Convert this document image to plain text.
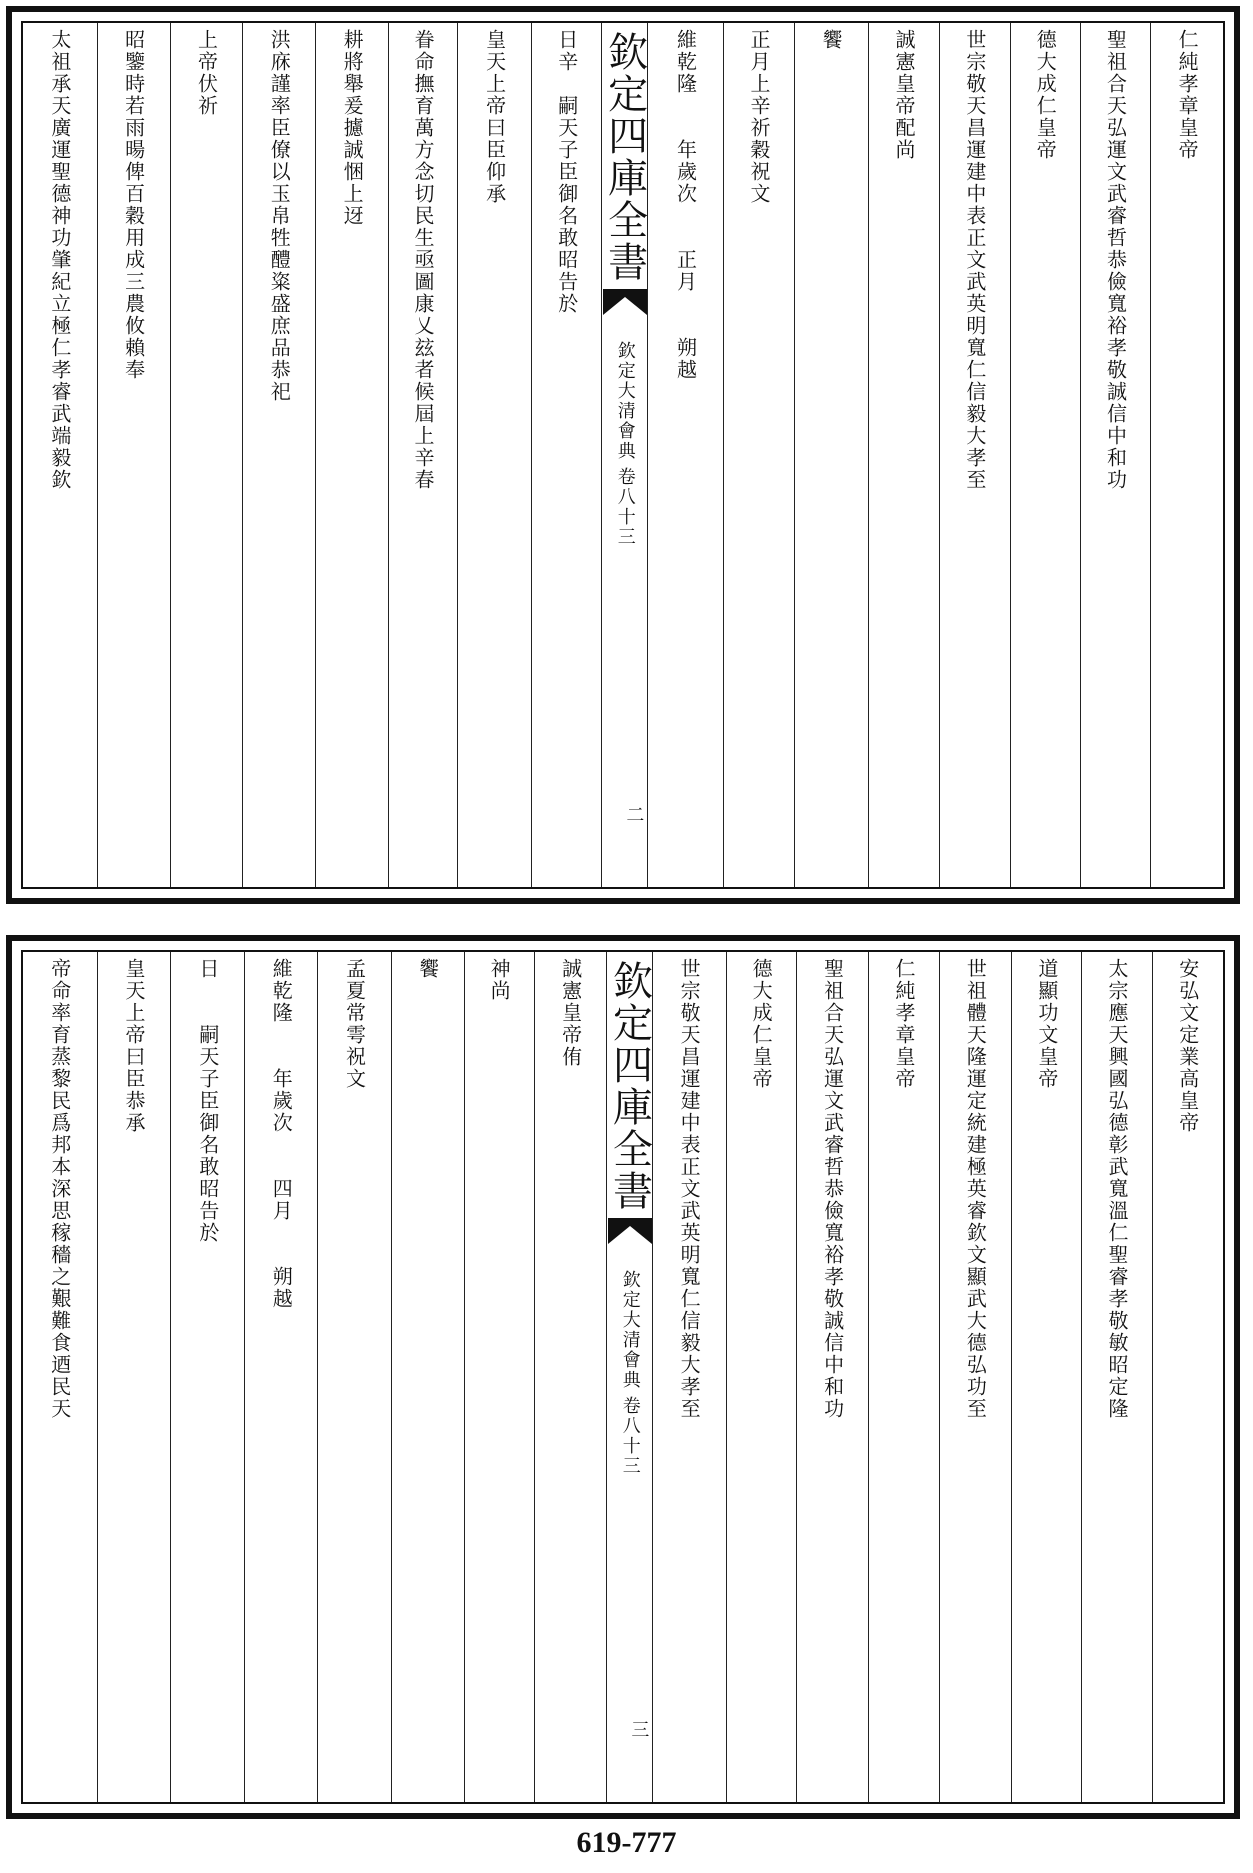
仁純孝章皇帝
聖祖合天弘運文武睿哲恭儉寬裕孝敬誠信中和功
德大成仁皇帝
世宗敬天昌運建中表正文武英明寬仁信毅大孝至
誠憲皇帝配尚
饗
正月上辛祈穀祝文
維乾隆　　年歲次　　正月　　朔越
欽定四庫全書
欽定大清會典
卷八十三
二
日辛　嗣天子臣御名敢昭告於
皇天上帝曰臣仰承
眷命撫育萬方念切民生亟圖康乂玆者候屆上辛春
耕將舉爰攄誠悃上迓
洪庥謹率臣僚以玉帛牲醴粢盛庶品恭祀
上帝伏祈
昭鑒時若雨暘俾百穀用成三農攸賴奉
太祖承天廣運聖德神功肇紀立極仁孝睿武端毅欽
安弘文定業高皇帝
太宗應天興國弘德彰武寬溫仁聖睿孝敬敏昭定隆
道顯功文皇帝
世祖體天隆運定統建極英睿欽文顯武大德弘功至
仁純孝章皇帝
聖祖合天弘運文武睿哲恭儉寬裕孝敬誠信中和功
德大成仁皇帝
世宗敬天昌運建中表正文武英明寬仁信毅大孝至
欽定四庫全書
欽定大清會典
卷八十三
三
誠憲皇帝侑
神尚
饗
孟夏常雩祝文
維乾隆　　年歲次　　四月　　朔越
日　　嗣天子臣御名敢昭告於
皇天上帝曰臣恭承
帝命率育蒸黎民爲邦本深思稼穡之艱難食迺民天
619-777
